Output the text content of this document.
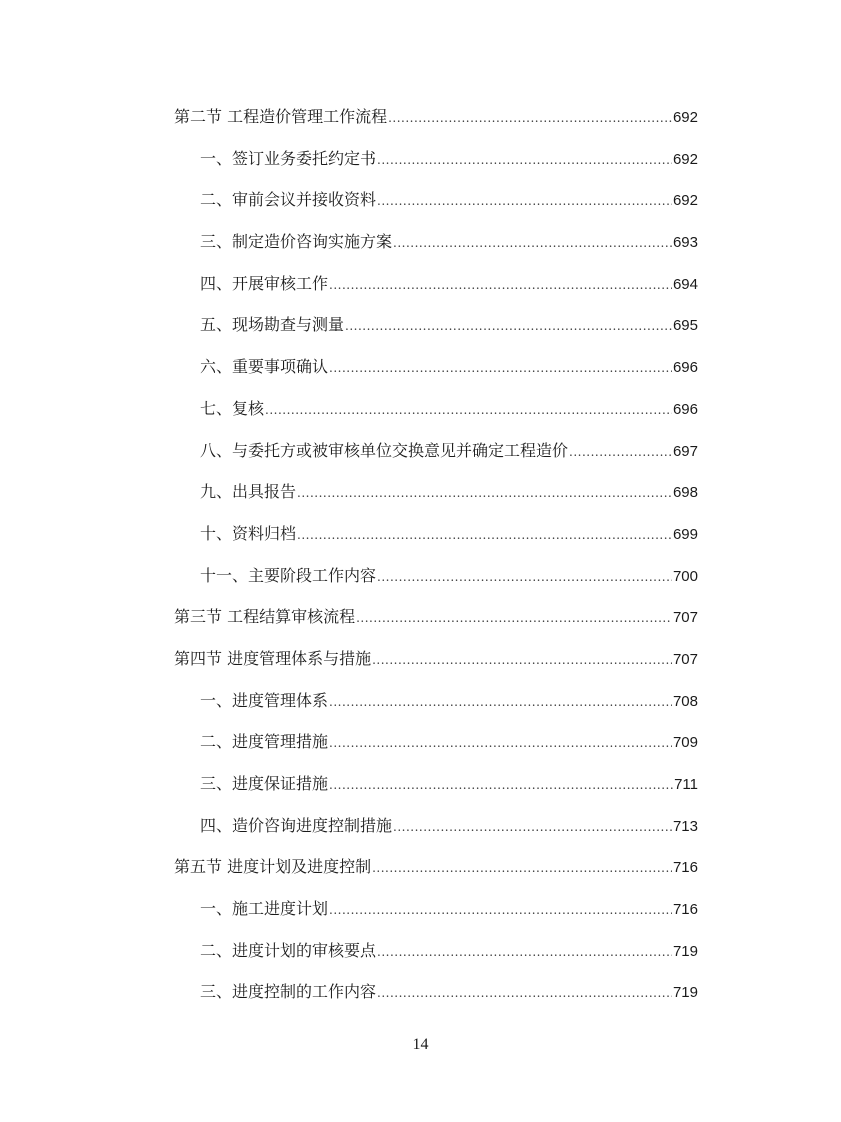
第二节 工程造价管理工作流程 .....	692
一、签订业务委托约定书 .....	692
二、审前会议并接收资料 .....	692
三、制定造价咨询实施方案 .....	693
四、开展审核工作 .....	694
五、现场勘查与测量 .....	695
六、重要事项确认 .....	696
七、复核 .....	696
八、与委托方或被审核单位交换意见并确定工程造价 .....	697
九、出具报告 .....	698
十、资料归档 .....	699
十一、主要阶段工作内容 .....	700
第三节 工程结算审核流程 .....	707
第四节 进度管理体系与措施 .....	707
一、进度管理体系 .....	708
二、进度管理措施 .....	709
三、进度保证措施 .....	711
四、造价咨询进度控制措施 .....	713
第五节 进度计划及进度控制 .....	716
一、施工进度计划 .....	716
二、进度计划的审核要点 .....	719
三、进度控制的工作内容 .....	719
14
